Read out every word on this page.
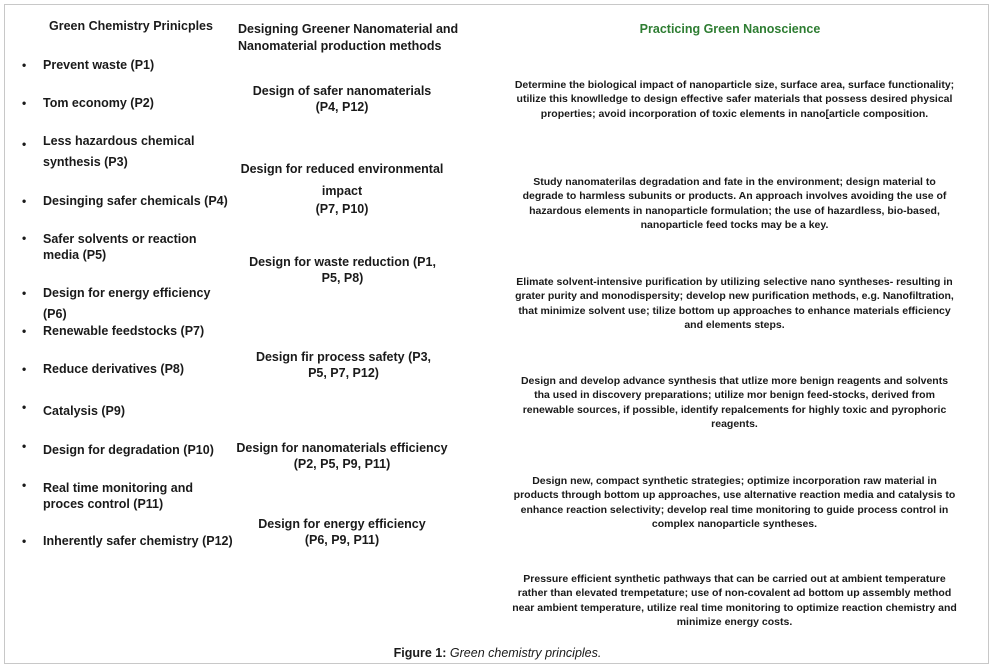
Green Chemistry Prinicples	Designing Greener Nanomaterial and Nanomaterial production methods
Practicing Green Nanoscience
• Prevent waste (P1)
• Tom economy (P2)
• Less hazardous chemical synthesis (P3)
• Desinging safer chemicals (P4)
• Safer solvents or reaction media (P5)
• Design for energy efficiency (P6)
• Renewable feedstocks (P7)
• Reduce derivatives (P8)
• Catalysis (P9)
• Design for degradation (P10)
• Real time monitoring and proces control (P11)
• Inherently safer chemistry (P12)
Design of safer nanomaterials
(P4, P12)
Design for reduced environmental impact
(P7, P10)
Design for waste reduction (P1, P5, P8)
Design fir process safety (P3, P5, P7, P12)
Design for nanomaterials efficiency
(P2, P5, P9, P11)
Design for energy efficiency
(P6, P9, P11)
Determine the biological impact of nanoparticle size, surface area, surface functionality; utilize this knowlledge to design effective safer materials that possess desired physical properties; avoid incorporation of toxic elements in nano[article composition.
Study nanomaterilas degradation and fate in the environment; design material to degrade to harmless subunits or products. An approach involves avoiding the use of hazardous elements in nanoparticle formulation; the use of hazardless, bio-based, nanoparticle feed tocks may be a key.
Elimate solvent-intensive purification by utilizing selective nano syntheses- resulting in grater purity and monodispersity; develop new purification methods, e.g. Nanofiltration, that minimize solvent use; tilize bottom up approaches to enhance materials efficiency and elements steps.
Design and develop advance synthesis that utlize more benign reagents and solvents tha used in discovery preparations; utilize mor benign feed-stocks, derived from renewable sources, if possible, identify repalcements for highly toxic and pyrophoric reagents.
Design new, compact synthetic strategies; optimize incorporation raw material in products through bottom up approaches, use alternative reaction media and catalysis to enhance reaction selectivity; develop real time monitoring to guide process control in complex nanoparticle syntheses.
Pressure efficient synthetic pathways that can be carried out at ambient temperature rather than elevated trempetature; use of non-covalent ad bottom up assembly method near ambient temperature, utilize real time monitoring to optimize reaction chemistry and minimize energy costs.
Figure 1: Green chemistry principles.
